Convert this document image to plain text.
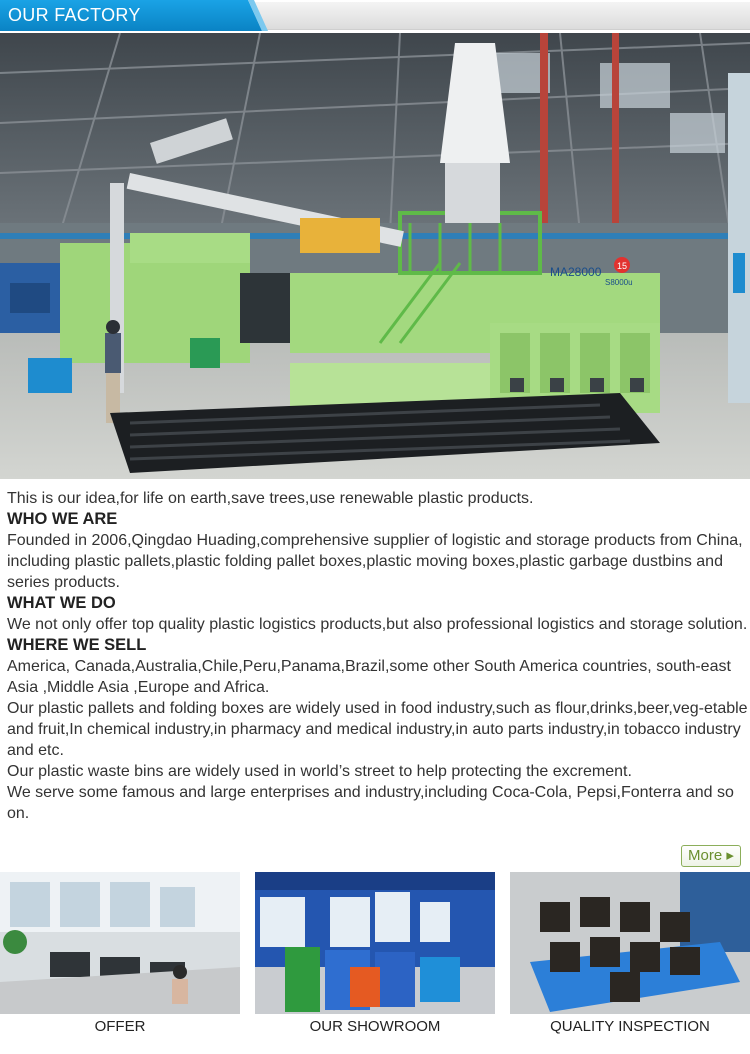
OUR FACTORY
MA28000
S8000u
15

This is our idea,for life on earth,save trees,use renewable plastic products.

WHO WE ARE

Founded in 2006,Qingdao Huading,comprehensive supplier of logistic and storage products from China,

including plastic pallets,plastic folding pallet boxes,plastic moving boxes,plastic garbage dustbins and series products.

WHAT WE DO

We not only offer top quality plastic logistics products,but also professional logistics and storage solution.

WHERE WE SELL

America, Canada,Australia,Chile,Peru,Panama,Brazil,some other South America countries, south-east Asia ,Middle Asia ,Europe and Africa.

Our plastic pallets and folding boxes are widely used in food industry,such as flour,drinks,beer,veg-etable and fruit,In chemical industry,in pharmacy and medical industry,in auto parts industry,in tobacco industry and etc.

Our plastic waste bins are widely used in world’s street to help protecting the excrement.

We serve some famous and large enterprises and industry,including Coca-Cola, Pepsi,Fonterra and so on.

More ▸
OFFER	OUR SHOWROOM	QUALITY INSPECTION
